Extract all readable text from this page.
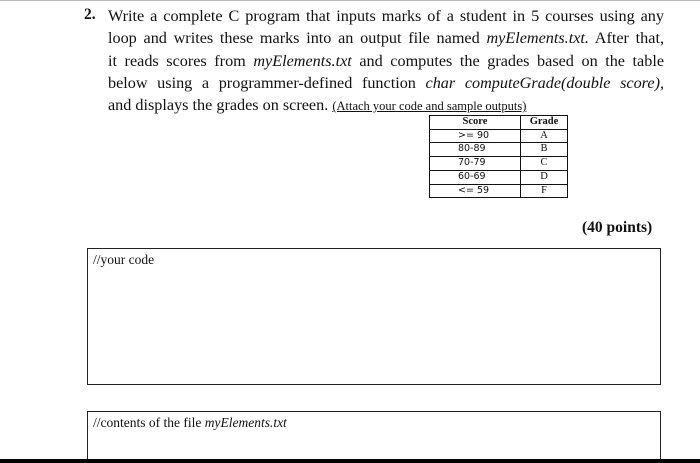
2. Write a complete C program that inputs marks of a student in 5 courses using any
loop and writes these marks into an output file named myElements.txt. After that,
it reads scores from myElements.txt and computes the grades based on the table
below using a programmer-defined function char computeGrade(double score),
and displays the grades on screen. (Attach your code and sample outputs)
Score	Grade
>= 90	A
80-89	B
70-79	C
60-69	D
<= 59	F
(40 points)
//your code
//contents of the file myElements.txt
